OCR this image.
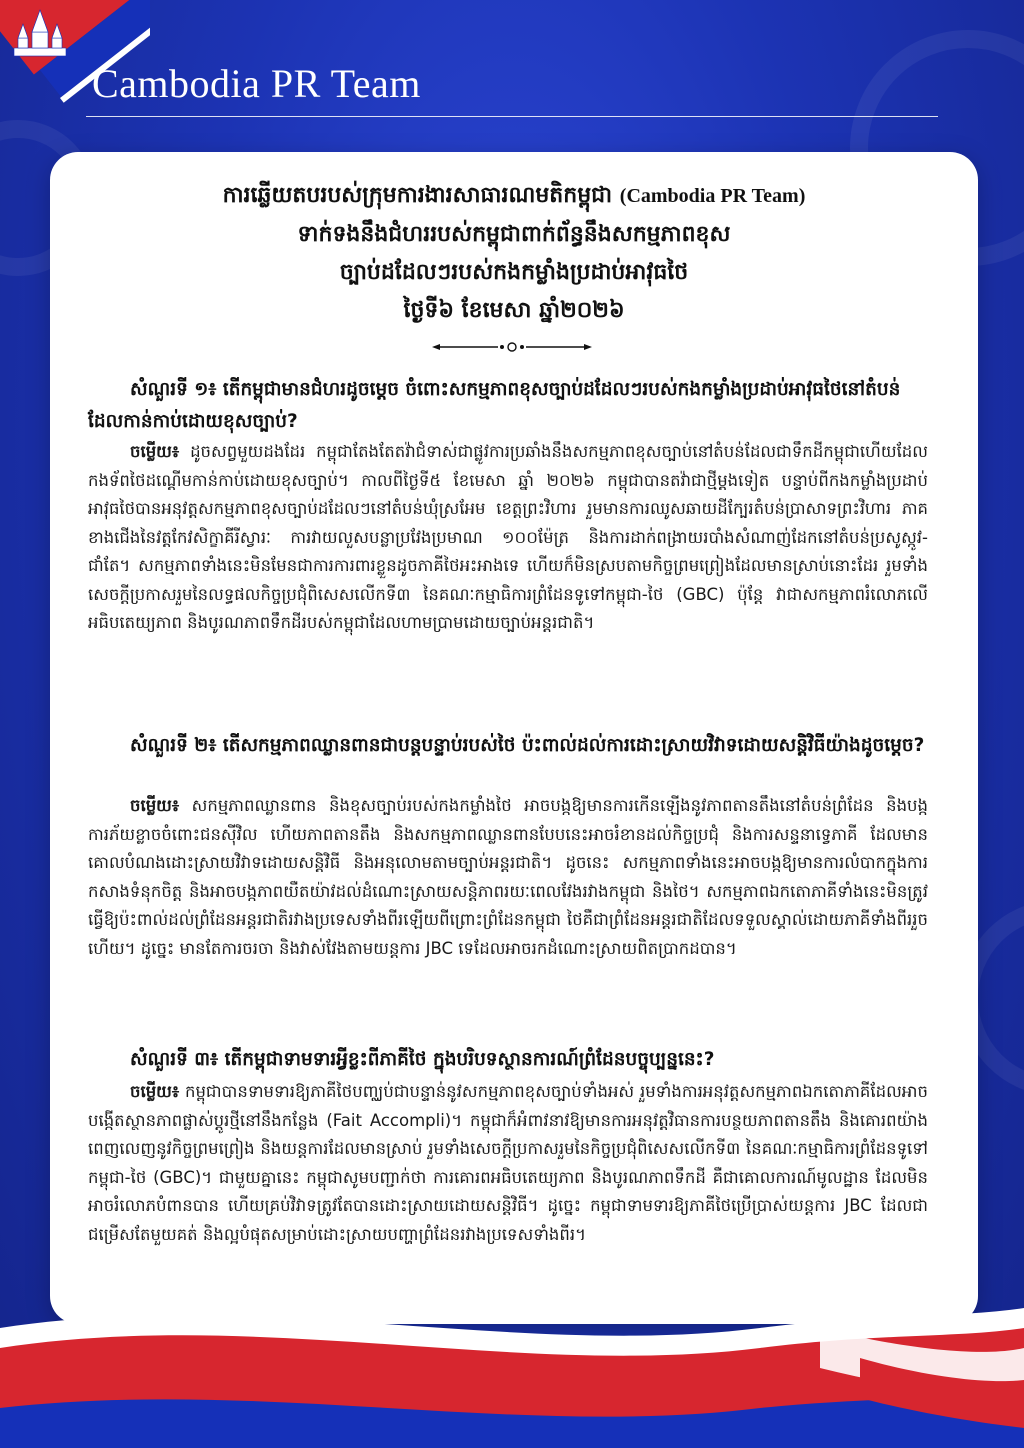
Cambodia PR Team
ការឆ្លើយតបរបស់ក្រុមការងារសាធារណមតិកម្ពុជា (Cambodia PR Team)
ទាក់ទងនឹងជំហររបស់កម្ពុជាពាក់ព័ន្ធនឹងសកម្មភាពខុស
ច្បាប់ដដែលៗរបស់កងកម្លាំងប្រដាប់អាវុធថៃ
ថ្ងៃទី៦ ខែមេសា ឆ្នាំ២០២៦
សំណួរទី ១៖ តើកម្ពុជាមានជំហរដូចម្តេច ចំពោះសកម្មភាពខុសច្បាប់ដដែលៗរបស់កងកម្លាំងប្រដាប់អាវុធថៃនៅតំបន់ដែលកាន់កាប់ដោយខុសច្បាប់?
ចម្លើយ៖ ដូចសព្វមួយដងដែរ កម្ពុជាតែងតែតវ៉ាជំទាស់ជាផ្លូវការប្រឆាំងនឹងសកម្មភាពខុសច្បាប់នៅតំបន់ដែលជាទឹកដីកម្ពុជាហើយដែលកងទ័ពថៃដណ្តើមកាន់កាប់ដោយខុសច្បាប់។ កាលពីថ្ងៃទី៥ ខែមេសា ឆ្នាំ ២០២៦ កម្ពុជាបានតវ៉ាជាថ្មីម្តងទៀត បន្ទាប់ពីកងកម្លាំងប្រដាប់អាវុធថៃបានអនុវត្តសកម្មភាពខុសច្បាប់ដដែលៗនៅតំបន់ឃុំស្រអែម ខេត្តព្រះវិហារ រួមមានការឈូសឆាយដីក្បែរតំបន់ប្រាសាទព្រះវិហារ ភាគខាងជើងនៃវត្តកែវសិក្ខាគីរីស្វារៈ ការវាយលួសបន្លាប្រវែងប្រមាណ ១០០ម៉ែត្រ និងការដាក់ពង្រាយរបាំងសំណាញ់ដែកនៅតំបន់ប្រសូស្កូវ-ជាំតែ។ សកម្មភាពទាំងនេះមិនមែនជាការការពារខ្លួនដូចភាគីថៃអះអាងទេ ហើយក៏មិនស្របតាមកិច្ចព្រមព្រៀងដែលមានស្រាប់នោះដែរ រួមទាំងសេចក្តីប្រកាសរួមនៃលទ្ធផលកិច្ចប្រជុំពិសេសលើកទី៣ នៃគណៈកម្មាធិការព្រំដែនទូទៅកម្ពុជា-ថៃ (GBC) ប៉ុន្តែ វាជាសកម្មភាពរំលោភលើអធិបតេយ្យភាព និងបូរណភាពទឹកដីរបស់កម្ពុជាដែលហាមប្រាមដោយច្បាប់អន្តរជាតិ។
សំណួរទី ២៖ តើសកម្មភាពឈ្លានពានជាបន្តបន្ទាប់របស់ថៃ ប៉ះពាល់ដល់ការដោះស្រាយវិវាទដោយសន្តិវិធីយ៉ាងដូចម្តេច?
ចម្លើយ៖ សកម្មភាពឈ្លានពាន និងខុសច្បាប់របស់កងកម្លាំងថៃ អាចបង្កឱ្យមានការកើនឡើងនូវភាពតានតឹងនៅតំបន់ព្រំដែន និងបង្កការភ័យខ្លាចចំពោះជនស៊ីវិល ហើយភាពតានតឹង និងសកម្មភាពឈ្លានពានបែបនេះអាចរំខានដល់កិច្ចប្រជុំ និងការសន្ទនាទ្វេភាគី ដែលមានគោលបំណងដោះស្រាយវិវាទដោយសន្តិវិធី និងអនុលោមតាមច្បាប់អន្តរជាតិ។ ដូចនេះ សកម្មភាពទាំងនេះអាចបង្កឱ្យមានការលំបាកក្នុងការកសាងទំនុកចិត្ត និងអាចបង្កភាពយឺតយ៉ាវដល់ដំណោះស្រាយសន្តិភាពរយៈពេលវែងរវាងកម្ពុជា និងថៃ។ សកម្មភាពឯកតោភាគីទាំងនេះមិនត្រូវធ្វើឱ្យប៉ះពាល់ដល់ព្រំដែនអន្តរជាតិរវាងប្រទេសទាំងពីរឡើយពីព្រោះព្រំដែនកម្ពុជា ថៃគឺជាព្រំដែនអន្តរជាតិដែលទទួលស្គាល់ដោយភាគីទាំងពីររួចហើយ។ ដូច្នេះ មានតែការចរចា និងវាស់វែងតាមយន្តការ JBC ទេដែលអាចរកដំណោះស្រាយពិតប្រាកដបាន។
សំណួរទី ៣៖ តើកម្ពុជាទាមទារអ្វីខ្លះពីភាគីថៃ ក្នុងបរិបទស្ថានការណ៍ព្រំដែនបច្ចុប្បន្ននេះ?
ចម្លើយ៖ កម្ពុជាបានទាមទារឱ្យភាគីថៃបញ្ឈប់ជាបន្ទាន់នូវសកម្មភាពខុសច្បាប់ទាំងអស់ រួមទាំងការអនុវត្តសកម្មភាពឯកតោភាគីដែលអាចបង្កើតស្ថានភាពផ្លាស់ប្តូរថ្មីនៅនឹងកន្លែង (Fait Accompli)។ កម្ពុជាក៏អំពាវនាវឱ្យមានការអនុវត្តវិធានការបន្ថយភាពតានតឹង និងគោរពយ៉ាងពេញលេញនូវកិច្ចព្រមព្រៀង និងយន្តការដែលមានស្រាប់ រួមទាំងសេចក្តីប្រកាសរួមនៃកិច្ចប្រជុំពិសេសលើកទី៣ នៃគណៈកម្មាធិការព្រំដែនទូទៅកម្ពុជា-ថៃ (GBC)។ ជាមួយគ្នានេះ កម្ពុជាសូមបញ្ជាក់ថា ការគោរពអធិបតេយ្យភាព និងបូរណភាពទឹកដី គឺជាគោលការណ៍មូលដ្ឋាន ដែលមិនអាចរំលោភបំពានបាន ហើយគ្រប់វិវាទត្រូវតែបានដោះស្រាយដោយសន្តិវិធី។ ដូច្នេះ កម្ពុជាទាមទារឱ្យភាគីថៃប្រើប្រាស់យន្តការ JBC ដែលជាជម្រើសតែមួយគត់ និងល្អបំផុតសម្រាប់ដោះស្រាយបញ្ហាព្រំដែនរវាងប្រទេសទាំងពីរ។
